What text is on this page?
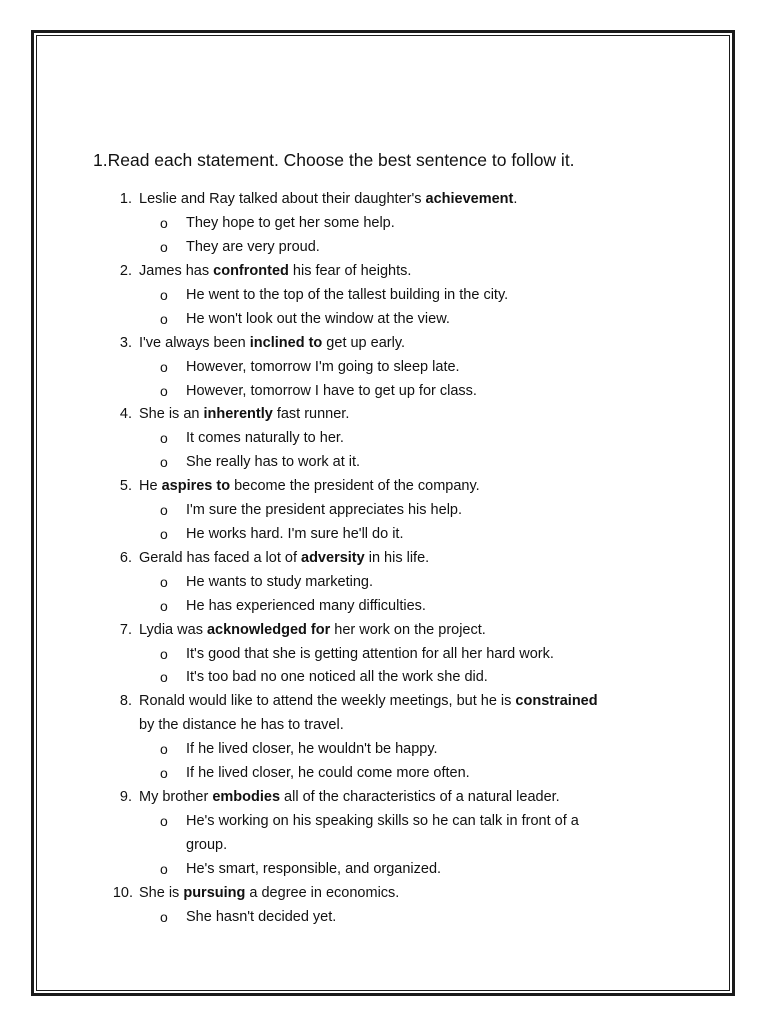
1.Read each statement. Choose the best sentence to follow it.
1. Leslie and Ray talked about their daughter's achievement.
o They hope to get her some help.
o They are very proud.
2. James has confronted his fear of heights.
o He went to the top of the tallest building in the city.
o He won't look out the window at the view.
3. I've always been inclined to get up early.
o However, tomorrow I'm going to sleep late.
o However, tomorrow I have to get up for class.
4. She is an inherently fast runner.
o It comes naturally to her.
o She really has to work at it.
5. He aspires to become the president of the company.
o I'm sure the president appreciates his help.
o He works hard. I'm sure he'll do it.
6. Gerald has faced a lot of adversity in his life.
o He wants to study marketing.
o He has experienced many difficulties.
7. Lydia was acknowledged for her work on the project.
o It's good that she is getting attention for all her hard work.
o It's too bad no one noticed all the work she did.
8. Ronald would like to attend the weekly meetings, but he is constrained
by the distance he has to travel.
o If he lived closer, he wouldn't be happy.
o If he lived closer, he could come more often.
9. My brother embodies all of the characteristics of a natural leader.
o He's working on his speaking skills so he can talk in front of a
group.
o He's smart, responsible, and organized.
10. She is pursuing a degree in economics.
o She hasn't decided yet.
